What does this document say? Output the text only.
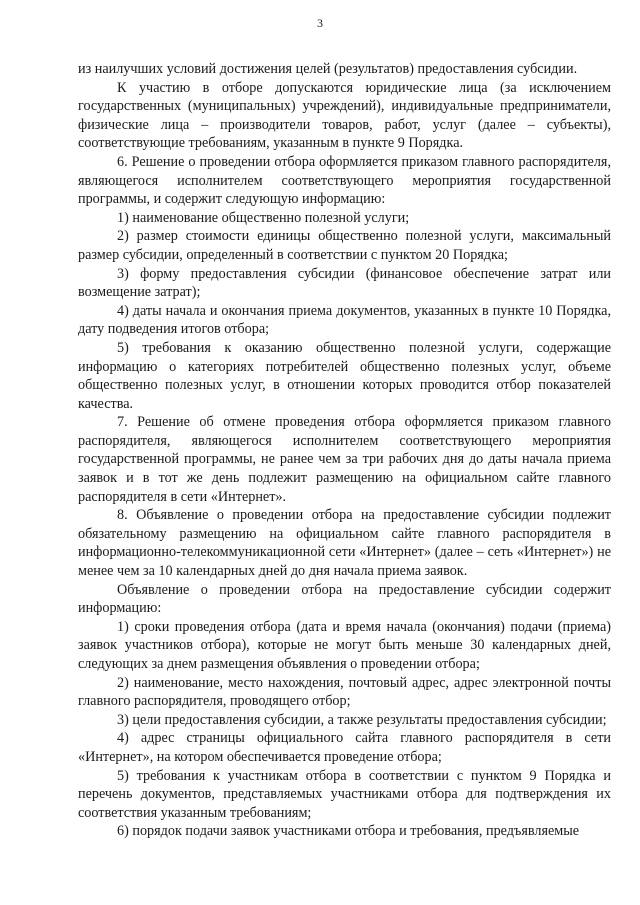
3

из наилучших условий достижения целей (результатов) предоставления субсидии.

К участию в отборе допускаются юридические лица (за исключением государственных (муниципальных) учреждений), индивидуальные предприниматели, физические лица – производители товаров, работ, услуг (далее – субъекты), соответствующие требованиям, указанным в пункте 9 Порядка.

6. Решение о проведении отбора оформляется приказом главного распорядителя, являющегося исполнителем соответствующего мероприятия государственной программы, и содержит следующую информацию:

1) наименование общественно полезной услуги;

2) размер стоимости единицы общественно полезной услуги, максимальный размер субсидии, определенный в соответствии с пунктом 20 Порядка;

3) форму предоставления субсидии (финансовое обеспечение затрат или возмещение затрат);

4) даты начала и окончания приема документов, указанных в пункте 10 Порядка, дату подведения итогов отбора;

5) требования к оказанию общественно полезной услуги, содержащие информацию о категориях потребителей общественно полезных услуг, объеме общественно полезных услуг, в отношении которых проводится отбор показателей качества.

7. Решение об отмене проведения отбора оформляется приказом главного распорядителя, являющегося исполнителем соответствующего мероприятия государственной программы, не ранее чем за три рабочих дня до даты начала приема заявок и в тот же день подлежит размещению на официальном сайте главного распорядителя в сети «Интернет».

8. Объявление о проведении отбора на предоставление субсидии подлежит обязательному размещению на официальном сайте главного распорядителя в информационно-телекоммуникационной сети «Интернет» (далее – сеть «Интернет») не менее чем за 10 календарных дней до дня начала приема заявок.

Объявление о проведении отбора на предоставление субсидии содержит информацию:

1) сроки проведения отбора (дата и время начала (окончания) подачи (приема) заявок участников отбора), которые не могут быть меньше 30 календарных дней, следующих за днем размещения объявления о проведении отбора;

2) наименование, место нахождения, почтовый адрес, адрес электронной почты главного распорядителя, проводящего отбор;

3) цели предоставления субсидии, а также результаты предоставления субсидии;

4) адрес страницы официального сайта главного распорядителя в сети «Интернет», на котором обеспечивается проведение отбора;

5) требования к участникам отбора в соответствии с пунктом 9 Порядка и перечень документов, представляемых участниками отбора для подтверждения их соответствия указанным требованиям;

6) порядок подачи заявок участниками отбора и требования, предъявляемые
